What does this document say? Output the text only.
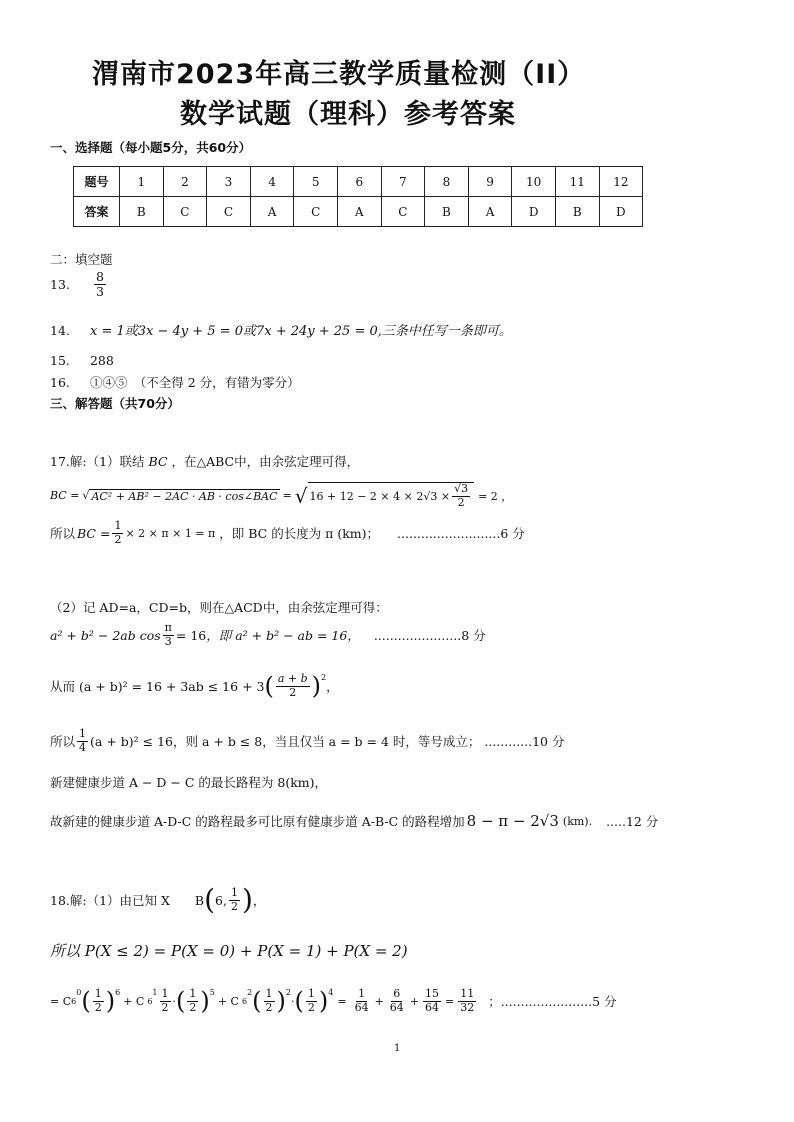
渭南市2023年高三教学质量检测（II）
数学试题（理科）参考答案
一、选择题（每小题5分，共60分）
题号	1	2	3	4	5	6	7	8	9	10	11	12
答案	B	C	C	A	C	A	C	B	A	D	B	D
二：填空题
13.	$\frac{8}{3}$
14. x = 1或3x − 4y + 5 = 0或7x + 24y + 25 = 0,三条中任写一条即可。
15. 288
16. ①④⑤　（不全得 2 分，有错为零分）
三、解答题（共70分）
17.解:（1）联结 BC ，在△ABC中，由余弦定理可得，
BC = √ AC² + AB² − 2AC · AB · cos∠BAC = √ $16 + 12 - 2 \times 4 \times 2√3 \times \frac{√3}{2} = 2$ ，
所以 BC = $\frac{1}{2} \times 2 \times \pi \times 1 = \pi$ ，即 BC 的长度为 π (km)； ..........................6 分
（2）记 AD=a，CD=b，则在△ACD中，由余弦定理可得：
a² + b² − 2ab $\cos \frac{\pi}{3} = 16$ ，即 a² + b² − ab = 16， ......................8 分
从而 (a + b)² = 16 + 3ab ≤ 16 + 3 ( $\frac{a + b}{2} )^2$
，
所以 $\frac{1}{4} (a + b)^2 \le 16$，则 a + b ≤ 8，当且仅当 a = b = 4 时，等号成立； ............10 分
新建健康步道 A − D − C 的最长路程为 8(km)，
故新建的健康步道 A-D-C 的路程最多可比原有健康步道 A-B-C 的路程增加 8 − π − 2√3 (km). .....12 分
18.解:（1）由已知 X　　B ( 6, $\frac{1}{2}$ ) ，
所以 P(X ≤ 2) = P(X = 0) + P(X = 1) + P(X = 2)
= C 6
$^0$ ( $\frac{1}{2} )^6$
+ C 6
$^1 \frac{1}{2}$ · ( $\frac{1}{2} )^5$
+ C 6
$^2$ ( $\frac{1}{2} )^2$
· ( $\frac{1}{2} )^4$
= $\frac{1}{64} + \frac{6}{64} + \frac{15}{64} = \frac{11}{32}$ ；.......................5 分
1
